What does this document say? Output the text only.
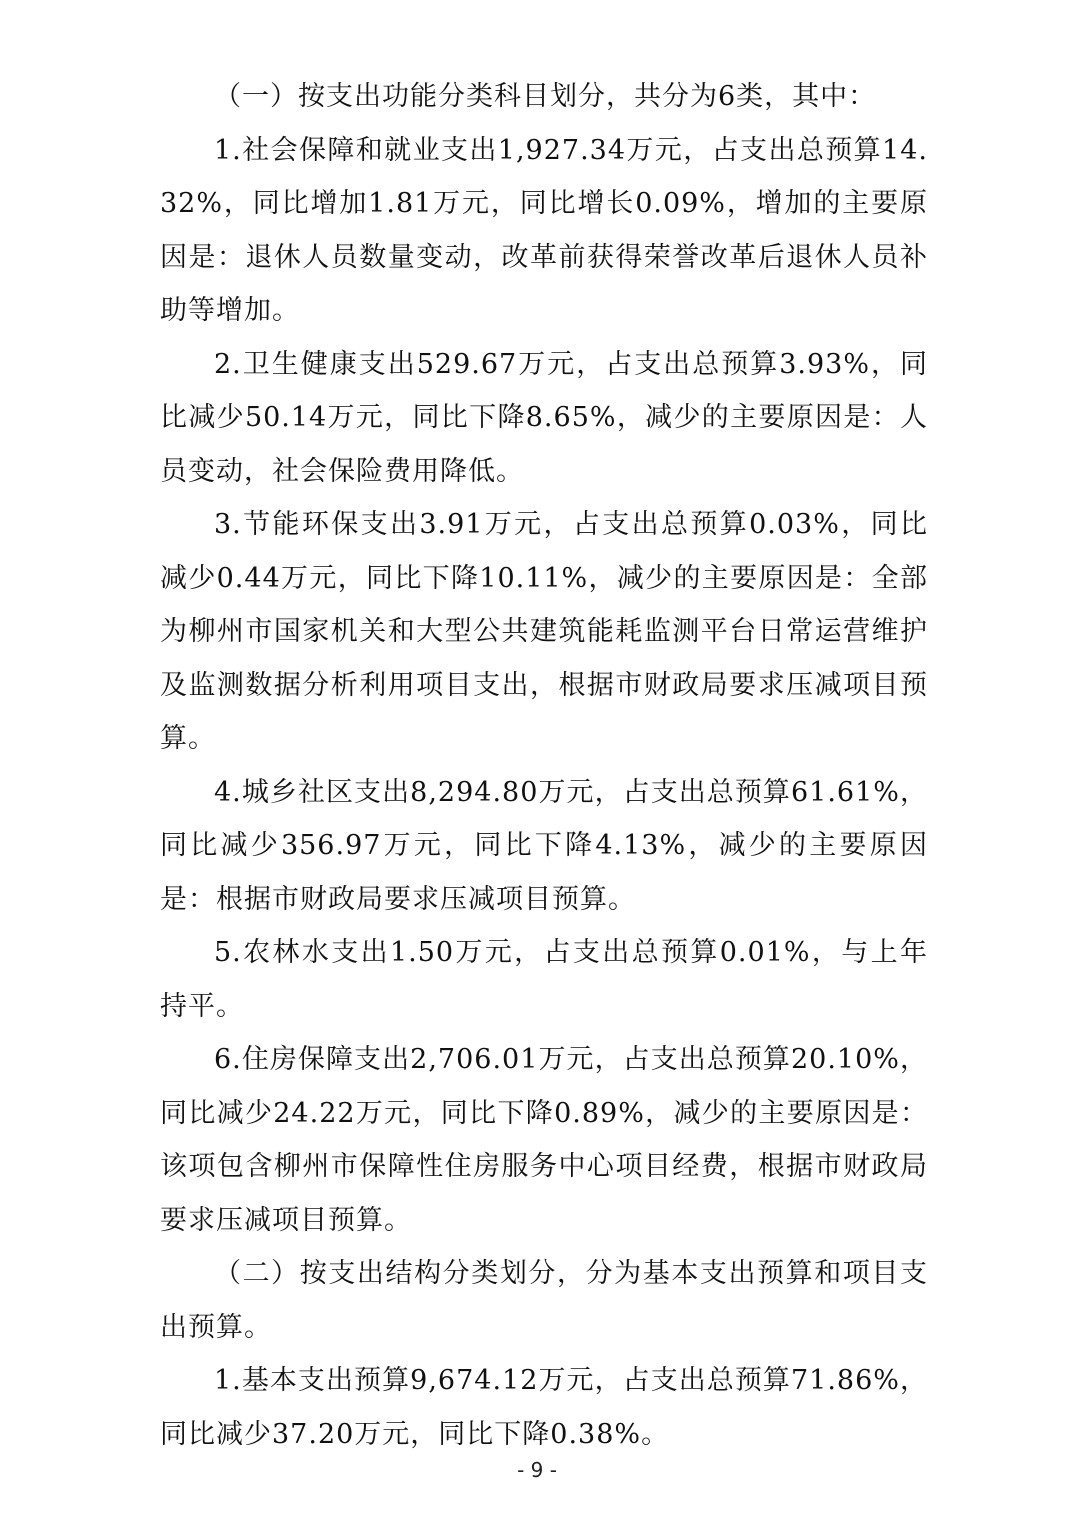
（一）按支出功能分类科目划分，共分为6类，其中：

1.社会保障和就业支出1,927.34万元，占支出总预算14.32%，同比增加1.81万元，同比增长0.09%，增加的主要原因是：退休人员数量变动，改革前获得荣誉改革后退休人员补助等增加。

2.卫生健康支出529.67万元，占支出总预算3.93%，同比减少50.14万元，同比下降8.65%，减少的主要原因是：人员变动，社会保险费用降低。

3.节能环保支出3.91万元，占支出总预算0.03%，同比减少0.44万元，同比下降10.11%，减少的主要原因是：全部为柳州市国家机关和大型公共建筑能耗监测平台日常运营维护及监测数据分析利用项目支出，根据市财政局要求压减项目预算。

4.城乡社区支出8,294.80万元，占支出总预算61.61%，同比减少356.97万元，同比下降4.13%，减少的主要原因是：根据市财政局要求压减项目预算。

5.农林水支出1.50万元，占支出总预算0.01%，与上年持平。

6.住房保障支出2,706.01万元，占支出总预算20.10%，同比减少24.22万元，同比下降0.89%，减少的主要原因是：该项包含柳州市保障性住房服务中心项目经费，根据市财政局要求压减项目预算。

（二）按支出结构分类划分，分为基本支出预算和项目支出预算。

1.基本支出预算9,674.12万元，占支出总预算71.86%，同比减少37.20万元，同比下降0.38%。

- 9 -
